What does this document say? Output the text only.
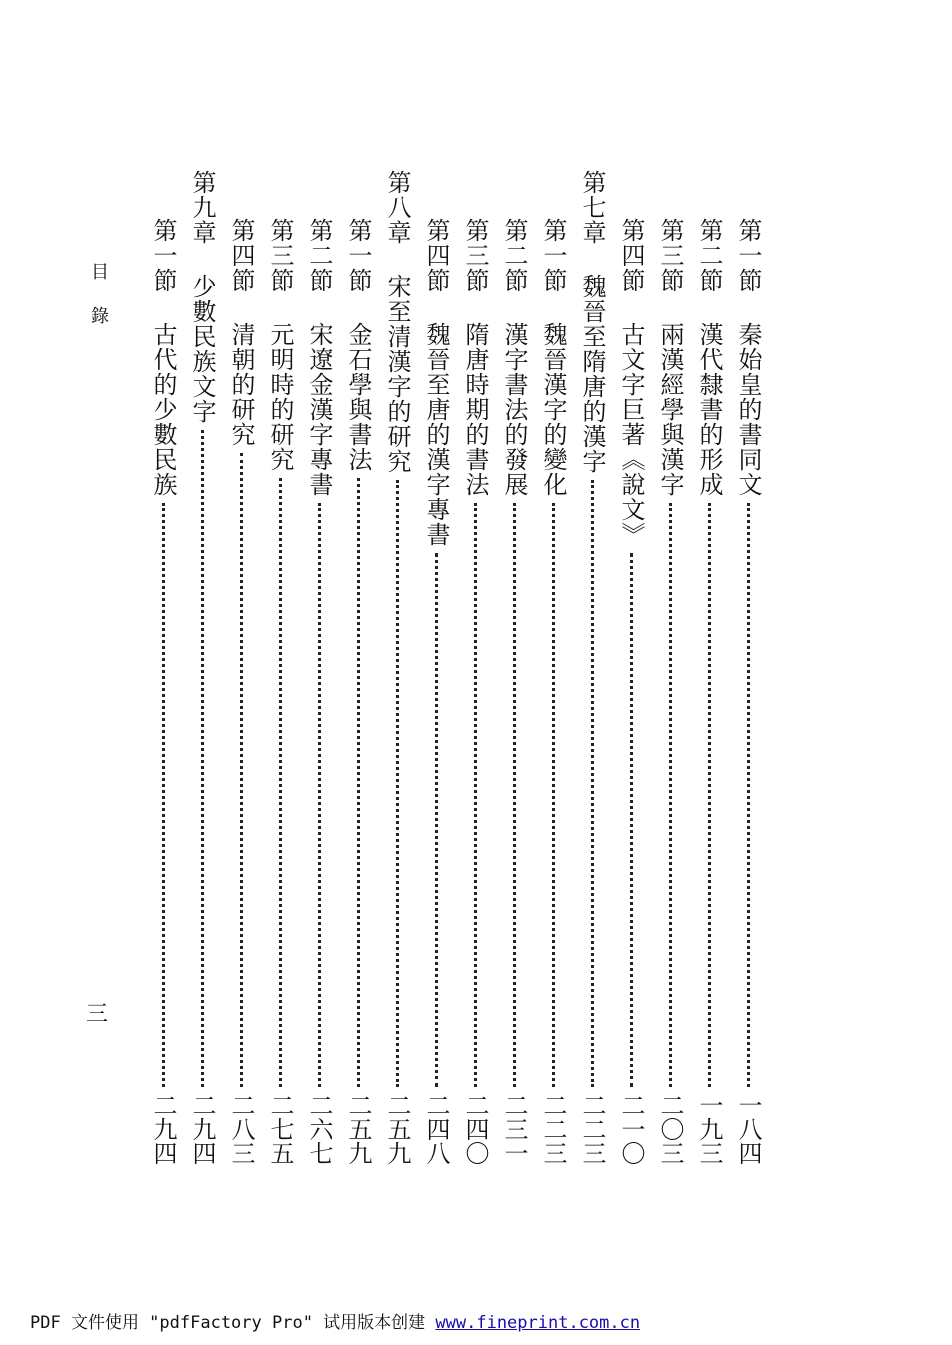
第一節 秦始皇的書同文
一八四
第二節 漢代隸書的形成
一九三
第三節 兩漢經學與漢字
二〇三
第四節 古文字巨著《說文》
二一〇
第七章 魏晉至隋唐的漢字
二二三
第一節 魏晉漢字的變化
二二三
第二節 漢字書法的發展
二三一
第三節 隋唐時期的書法
二四〇
第四節 魏晉至唐的漢字專書
二四八
第八章 宋至清漢字的研究
二五九
第一節 金石學與書法
二五九
第二節 宋遼金漢字專書
二六七
第三節 元明時的研究
二七五
第四節 清朝的研究
二八三
第九章 少數民族文字
二九四
第一節 古代的少數民族
二九四
目錄
三
PDF 文件使用 "pdfFactory Pro" 试用版本创建 www.fineprint.com.cn
